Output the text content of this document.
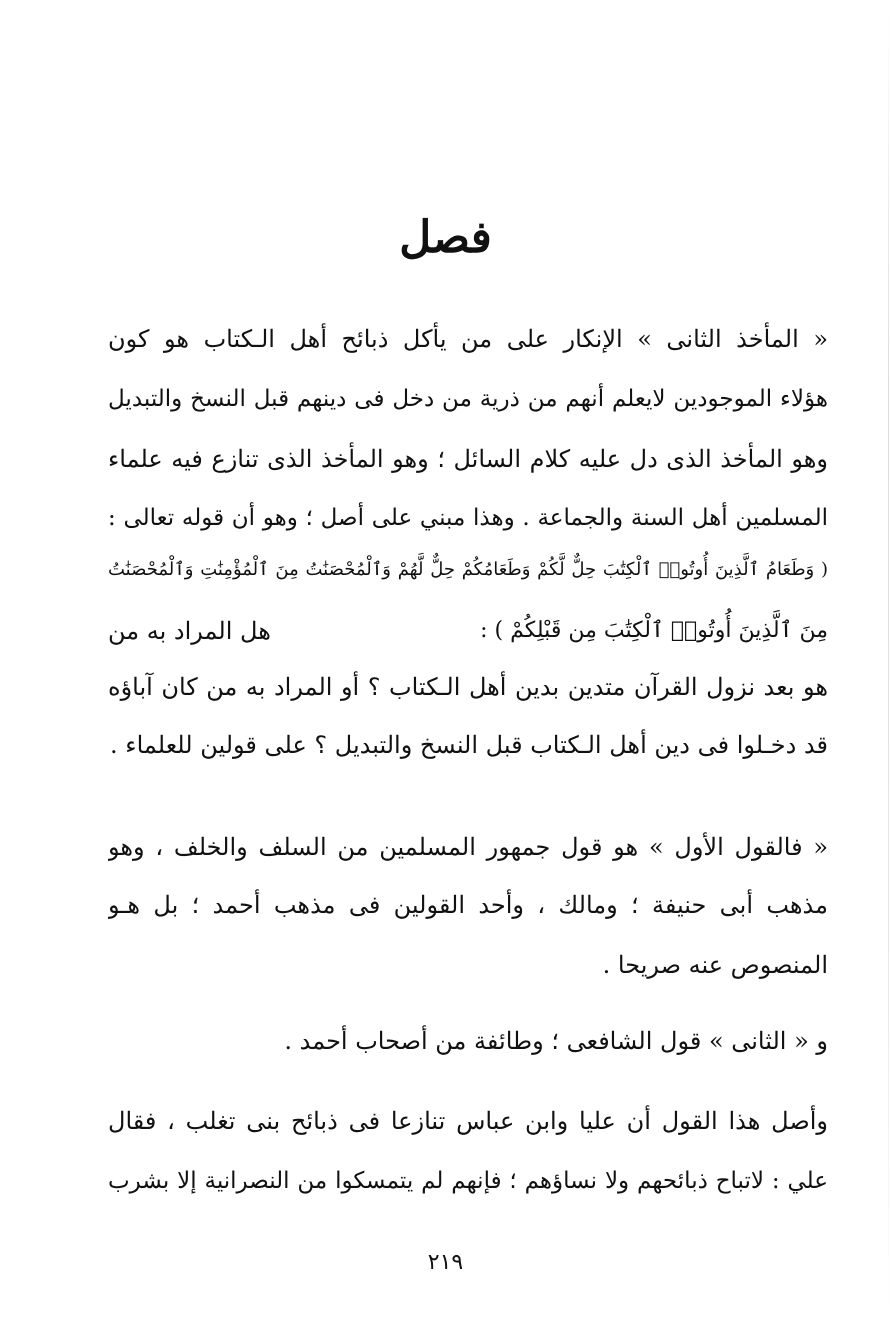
فصل
« المأخذ الثانى » الإنكار على من يأكل ذبائح أهل الـكتاب هو كون
هؤلاء الموجودين لايعلم أنهم من ذرية من دخل فى دينهم قبل النسخ والتبديل
وهو المأخذ الذى دل عليه كلام السائل ؛ وهو المأخذ الذى تنازع فيه علماء
المسلمين أهل السنة والجماعة . وهذا مبني على أصل ؛ وهو أن قوله تعالى :
( وَطَعَامُ ٱلَّذِينَ أُوتُوا۟ ٱلْكِتَٰبَ حِلٌّ لَّكُمْ وَطَعَامُكُمْ حِلٌّ لَّهُمْ وَٱلْمُحْصَنَٰتُ مِنَ ٱلْمُؤْمِنَٰتِ وَٱلْمُحْصَنَٰتُ
مِنَ ٱلَّذِينَ أُوتُوا۟ ٱلْكِتَٰبَ مِن قَبْلِكُمْ ) :
هل المراد به من
هو بعد نزول القرآن متدين بدين أهل الـكتاب ؟ أو المراد به من كان آباؤه
قد دخـلوا فى دين أهل الـكتاب قبل النسخ والتبديل ؟ على قولين للعلماء .
« فالقول الأول » هو قول جمهور المسلمين من السلف والخلف ، وهو
مذهب أبى حنيفة ؛ ومالك ، وأحد القولين فى مذهب أحمد ؛ بل هـو
المنصوص عنه صريحا .
و « الثانى » قول الشافعى ؛ وطائفة من أصحاب أحمد .
وأصل هذا القول أن عليا وابن عباس تنازعا فى ذبائح بنى تغلب ، فقال
علي : لاتباح ذبائحهم ولا نساؤهم ؛ فإنهم لم يتمسكوا من النصرانية إلا بشرب
٢١٩
